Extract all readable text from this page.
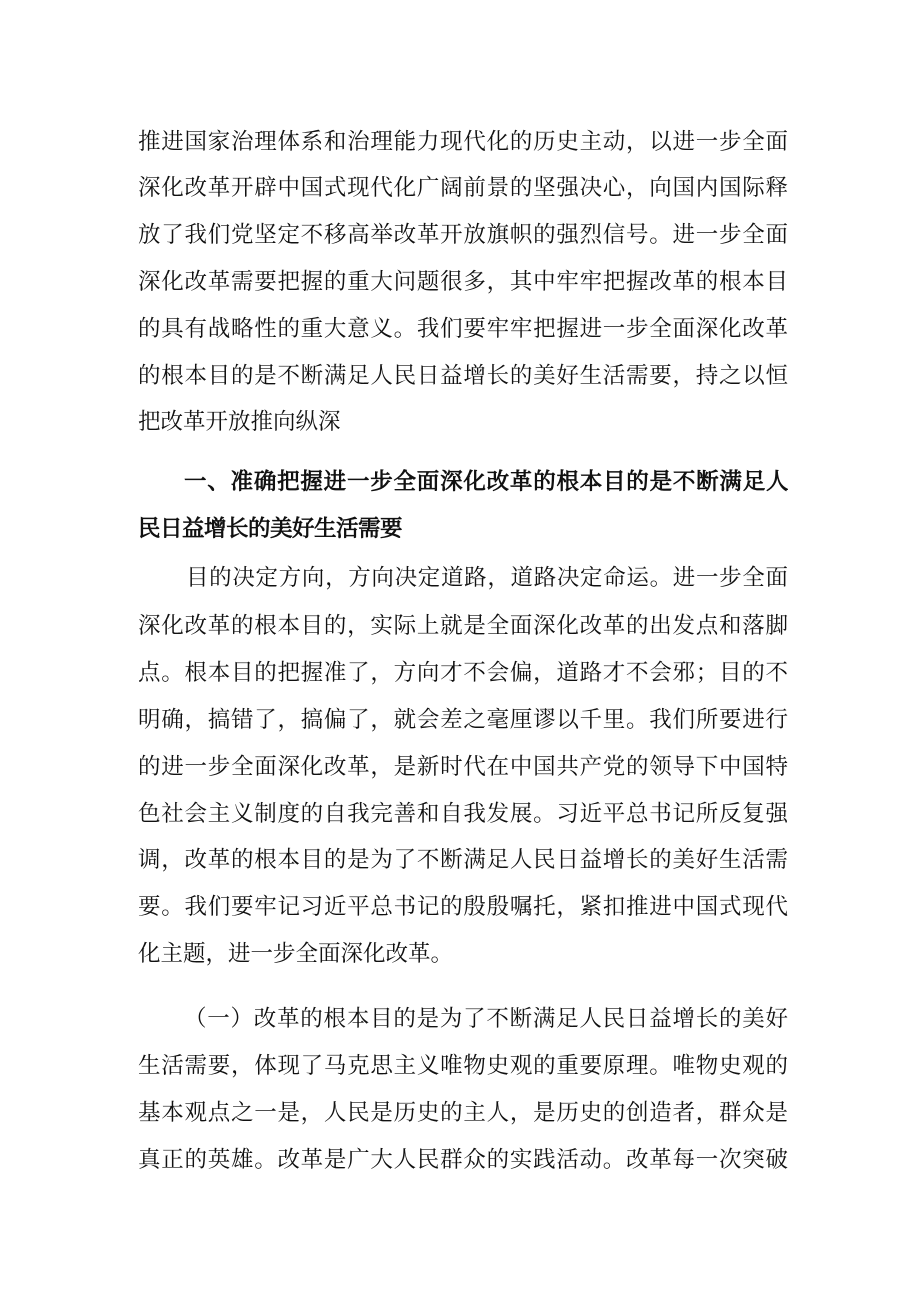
推进国家治理体系和治理能力现代化的历史主动，以进一步全面
深化改革开辟中国式现代化广阔前景的坚强决心，向国内国际释
放了我们党坚定不移高举改革开放旗帜的强烈信号。进一步全面
深化改革需要把握的重大问题很多，其中牢牢把握改革的根本目
的具有战略性的重大意义。我们要牢牢把握进一步全面深化改革
的根本目的是不断满足人民日益增长的美好生活需要，持之以恒
把改革开放推向纵深
一、准确把握进一步全面深化改革的根本目的是不断满足人
民日益增长的美好生活需要
目的决定方向，方向决定道路，道路决定命运。进一步全面
深化改革的根本目的，实际上就是全面深化改革的出发点和落脚
点。根本目的把握准了，方向才不会偏，道路才不会邪；目的不
明确，搞错了，搞偏了，就会差之毫厘谬以千里。我们所要进行
的进一步全面深化改革，是新时代在中国共产党的领导下中国特
色社会主义制度的自我完善和自我发展。习近平总书记所反复强
调，改革的根本目的是为了不断满足人民日益增长的美好生活需
要。我们要牢记习近平总书记的殷殷嘱托，紧扣推进中国式现代
化主题，进一步全面深化改革。
（一）改革的根本目的是为了不断满足人民日益增长的美好
生活需要，体现了马克思主义唯物史观的重要原理。唯物史观的
基本观点之一是，人民是历史的主人，是历史的创造者，群众是
真正的英雄。改革是广大人民群众的实践活动。改革每一次突破
